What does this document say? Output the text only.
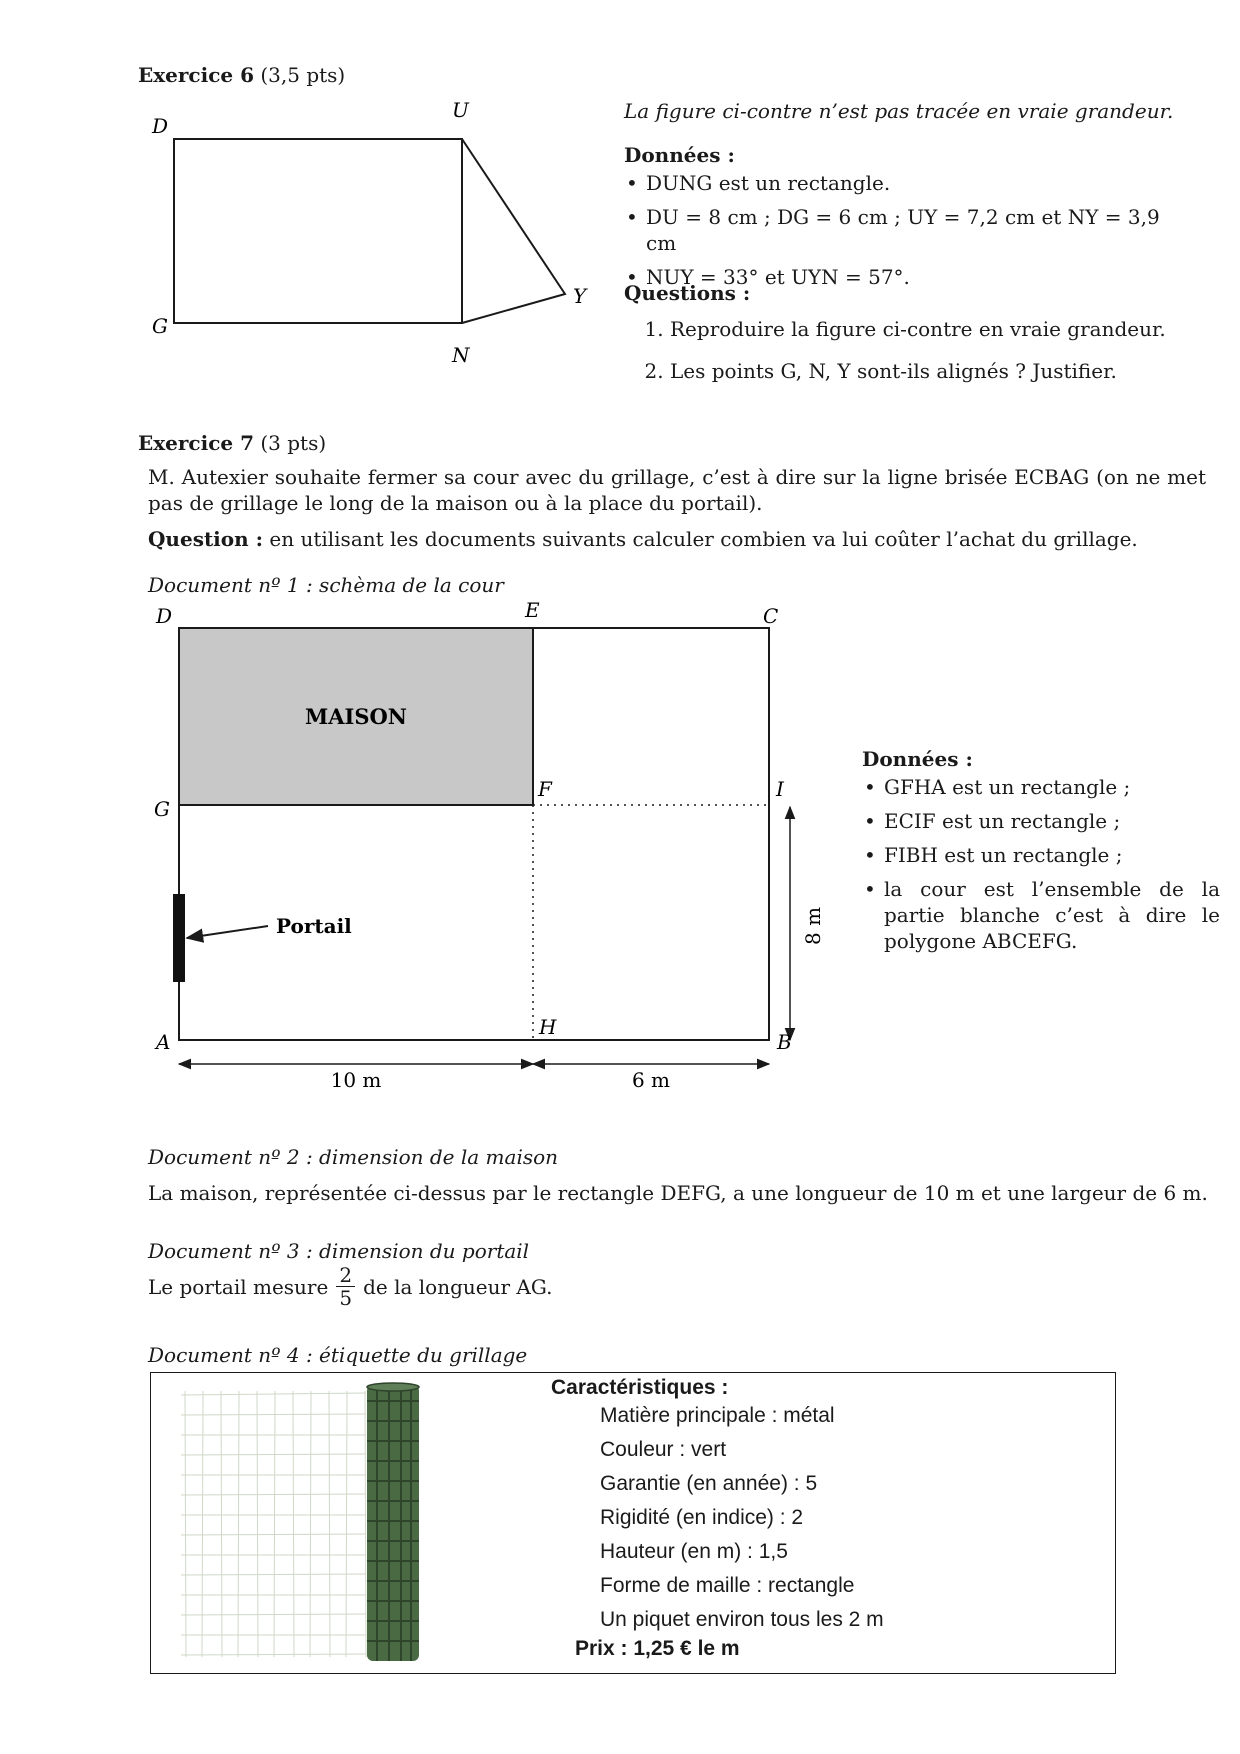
Exercice 6 (3,5 pts)
D
U
G
N
Y
La figure ci-contre n’est pas tracée en vraie grandeur.
Données :
• DUNG est un rectangle.
• DU = 8 cm ; DG = 6 cm ; UY = 7,2 cm et NY = 3,9 cm
• NUY = 33° et UYN = 57°.
Questions :
1. Reproduire la figure ci-contre en vraie grandeur.
2. Les points G, N, Y sont-ils alignés ? Justifier.
Exercice 7 (3 pts)
M. Autexier souhaite fermer sa cour avec du grillage, c’est à dire sur la ligne brisée ECBAG (on ne met pas de grillage le long de la maison ou à la place du portail).
Question : en utilisant les documents suivants calculer combien va lui coûter l’achat du grillage.
Document nº 1 : schèma de la cour
D	E	C
G
F	I
A
H
B
MAISON
Portail
10 m	6 m
8 m
Données :
• GFHA est un rectangle ;
• ECIF est un rectangle ;
• FIBH est un rectangle ;
• la cour est l’ensemble de la partie blanche c’est à dire le polygone ABCEFG.
Document nº 2 : dimension de la maison
La maison, représentée ci-dessus par le rectangle DEFG, a une longueur de 10 m et une largeur de 6 m.
Document nº 3 : dimension du portail
Le portail mesure $\frac{2}{5}$ de la longueur AG.
Document nº 4 : étiquette du grillage
Caractéristiques :
Matière principale : métal
Couleur : vert
Garantie (en année) : 5
Rigidité (en indice) : 2
Hauteur (en m) : 1,5
Forme de maille : rectangle
Un piquet environ tous les 2 m
Prix : 1,25 € le m
